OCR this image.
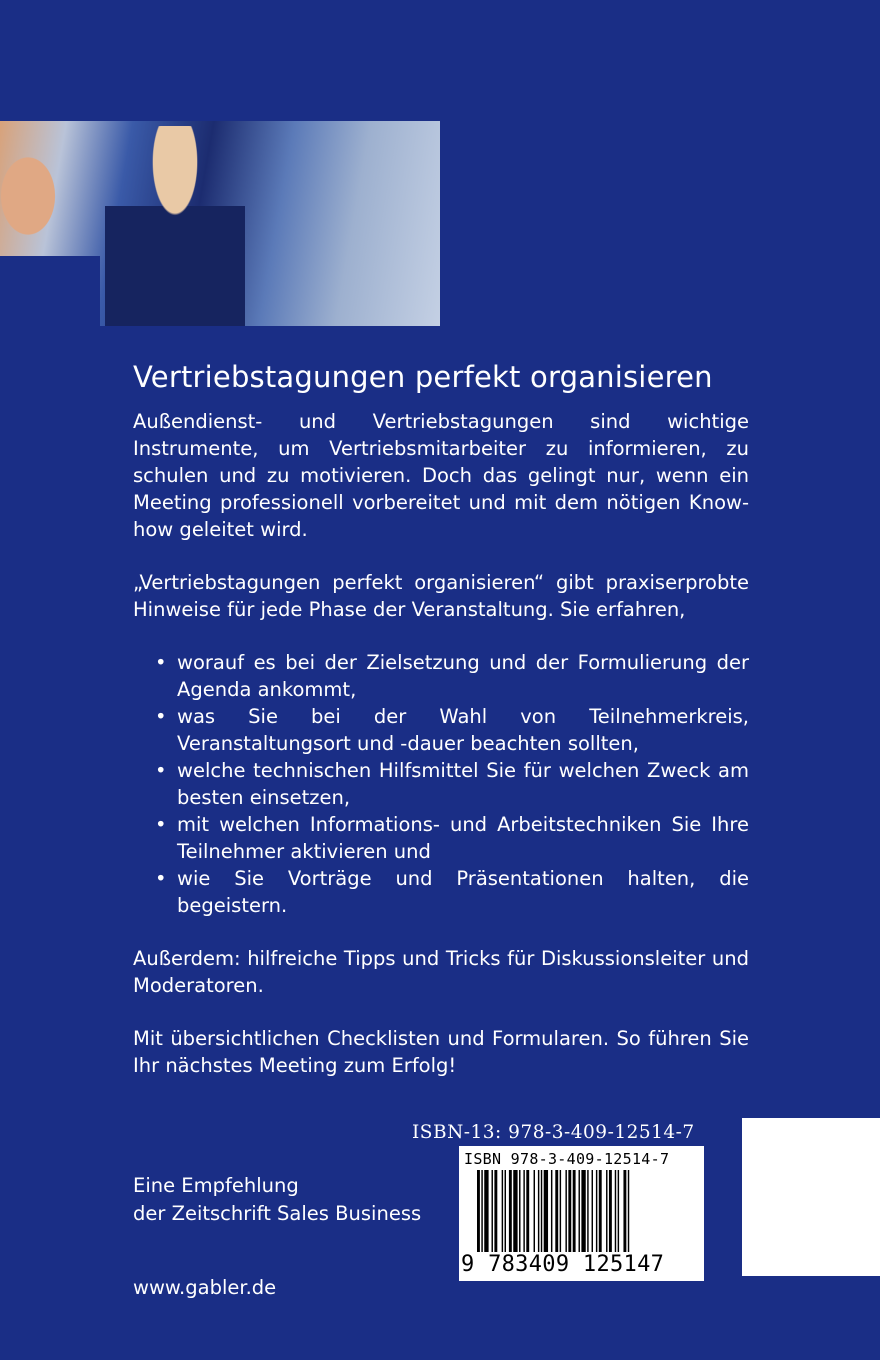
Vertriebstagungen perfekt organisieren

Außendienst- und Vertriebstagungen sind wichtige Instrumente, um Vertriebsmitarbeiter zu informieren, zu schulen und zu motivieren. Doch das gelingt nur, wenn ein Meeting professionell vorbereitet und mit dem nötigen Know-how geleitet wird.

„Vertriebstagungen perfekt organisieren“ gibt praxiserprobte Hinweise für jede Phase der Veranstaltung. Sie erfahren,

• worauf es bei der Zielsetzung und der Formulierung der Agenda ankommt,
• was Sie bei der Wahl von Teilnehmerkreis, Veranstaltungsort und -dauer beachten sollten,
• welche technischen Hilfsmittel Sie für welchen Zweck am besten einsetzen,
• mit welchen Informations- und Arbeitstechniken Sie Ihre Teilnehmer aktivieren und
• wie Sie Vorträge und Präsentationen halten, die begeistern.

Außerdem: hilfreiche Tipps und Tricks für Diskussionsleiter und Moderatoren.

Mit übersichtlichen Checklisten und Formularen. So führen Sie Ihr nächstes Meeting zum Erfolg!

ISBN-13: 978-3-409-12514-7
ISBN 978-3-409-12514-7
9 783409 125147
Eine Empfehlung
der Zeitschrift Sales Business
www.gabler.de
